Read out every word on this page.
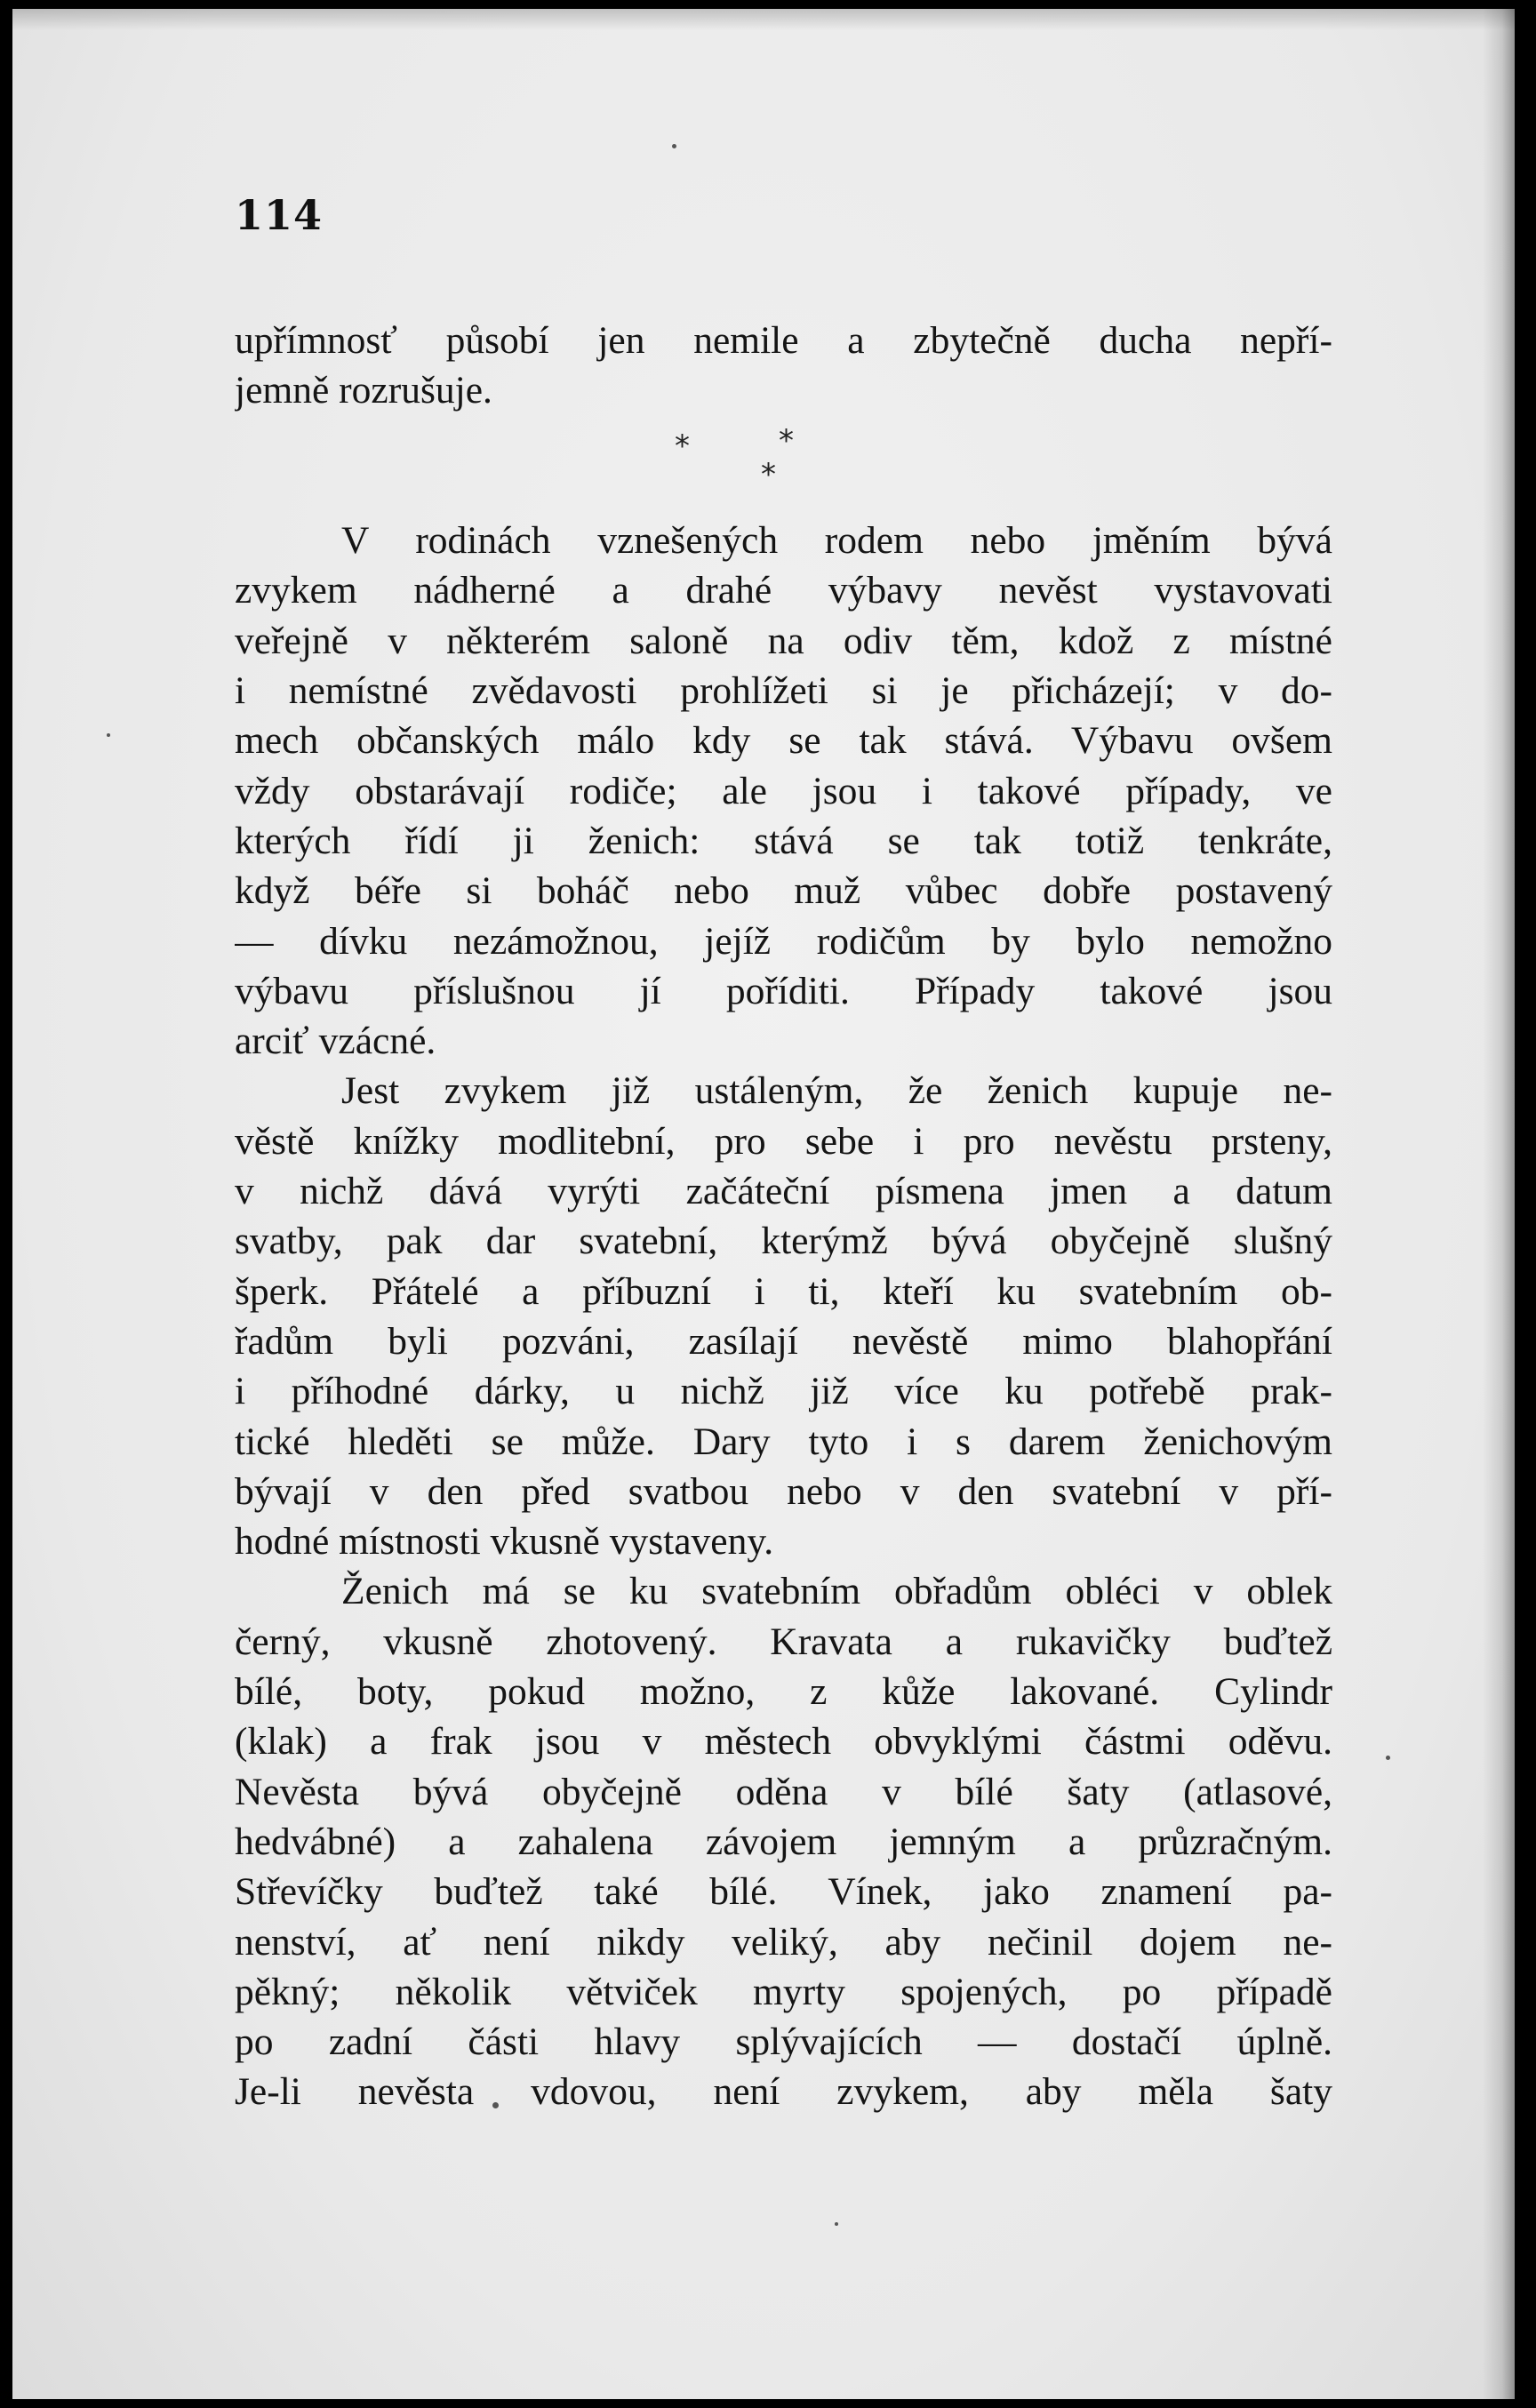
114
upřímnosť působí jen nemile a zbytečně ducha nepří-
jemně rozrušuje.
*	*
*
V rodinách vznešených rodem nebo jměním bývá
zvykem nádherné a drahé výbavy nevěst vystavovati
veřejně v některém saloně na odiv těm, kdož z místné
i nemístné zvědavosti prohlížeti si je přicházejí; v do-
mech občanských málo kdy se tak stává. Výbavu ovšem
vždy obstarávají rodiče; ale jsou i takové případy, ve
kterých řídí ji ženich: stává se tak totiž tenkráte,
když béře si boháč nebo muž vůbec dobře postavený
— dívku nezámožnou, jejíž rodičům by bylo nemožno
výbavu příslušnou jí poříditi. Případy takové jsou
arciť vzácné.
Jest zvykem již ustáleným, že ženich kupuje ne-
věstě knížky modlitební, pro sebe i pro nevěstu prsteny,
v nichž dává vyrýti začáteční písmena jmen a datum
svatby, pak dar svatební, kterýmž bývá obyčejně slušný
šperk. Přátelé a příbuzní i ti, kteří ku svatebním ob-
řadům byli pozváni, zasílají nevěstě mimo blahopřání
i příhodné dárky, u nichž již více ku potřebě prak-
tické hleděti se může. Dary tyto i s darem ženichovým
bývají v den před svatbou nebo v den svatební v pří-
hodné místnosti vkusně vystaveny.
Ženich má se ku svatebním obřadům obléci v oblek
černý, vkusně zhotovený. Kravata a rukavičky buďtež
bílé, boty, pokud možno, z kůže lakované. Cylindr
(klak) a frak jsou v městech obvyklými částmi oděvu.
Nevěsta bývá obyčejně oděna v bílé šaty (atlasové,
hedvábné) a zahalena závojem jemným a průzračným.
Střevíčky buďtež také bílé. Vínek, jako znamení pa-
nenství, ať není nikdy veliký, aby nečinil dojem ne-
pěkný; několik větviček myrty spojených, po případě
po zadní části hlavy splývajících — dostačí úplně.
Je-li nevěsta vdovou, není zvykem, aby měla šaty
